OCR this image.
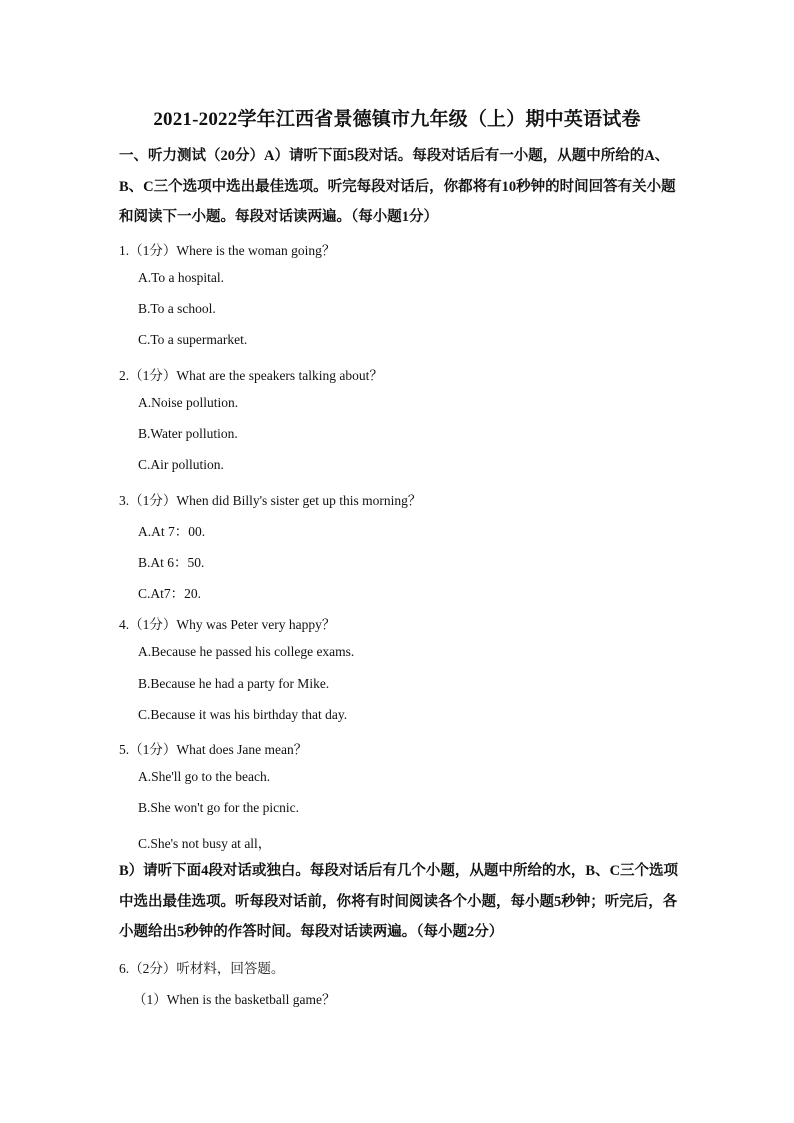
2021-2022学年江西省景德镇市九年级（上）期中英语试卷
一、听力测试（20分）A）请听下面5段对话。每段对话后有一小题，从题中所给的A、B、C三个选项中选出最佳选项。听完每段对话后，你都将有10秒钟的时间回答有关小题和阅读下一小题。每段对话读两遍。（每小题1分）
1.（1分）Where is the woman going？
A.To a hospital.
B.To a school.
C.To a supermarket.
2.（1分）What are the speakers talking about？
A.Noise pollution.
B.Water pollution.
C.Air pollution.
3.（1分）When did Billy's sister get up this morning？
A.At 7：00.
B.At 6：50.
C.At7：20.
4.（1分）Why was Peter very happy？
A.Because he passed his college exams.
B.Because he had a party for Mike.
C.Because it was his birthday that day.
5.（1分）What does Jane mean？
A.She'll go to the beach.
B.She won't go for the picnic.
C.She's not busy at all，
B）请听下面4段对话或独白。每段对话后有几个小题，从题中所给的水，B、C三个选项中选出最佳选项。听每段对话前，你将有时间阅读各个小题，每小题5秒钟；听完后，各小题给出5秒钟的作答时间。每段对话读两遍。（每小题2分）
6.（2分）听材料，回答题。
（1）When is the basketball game？
